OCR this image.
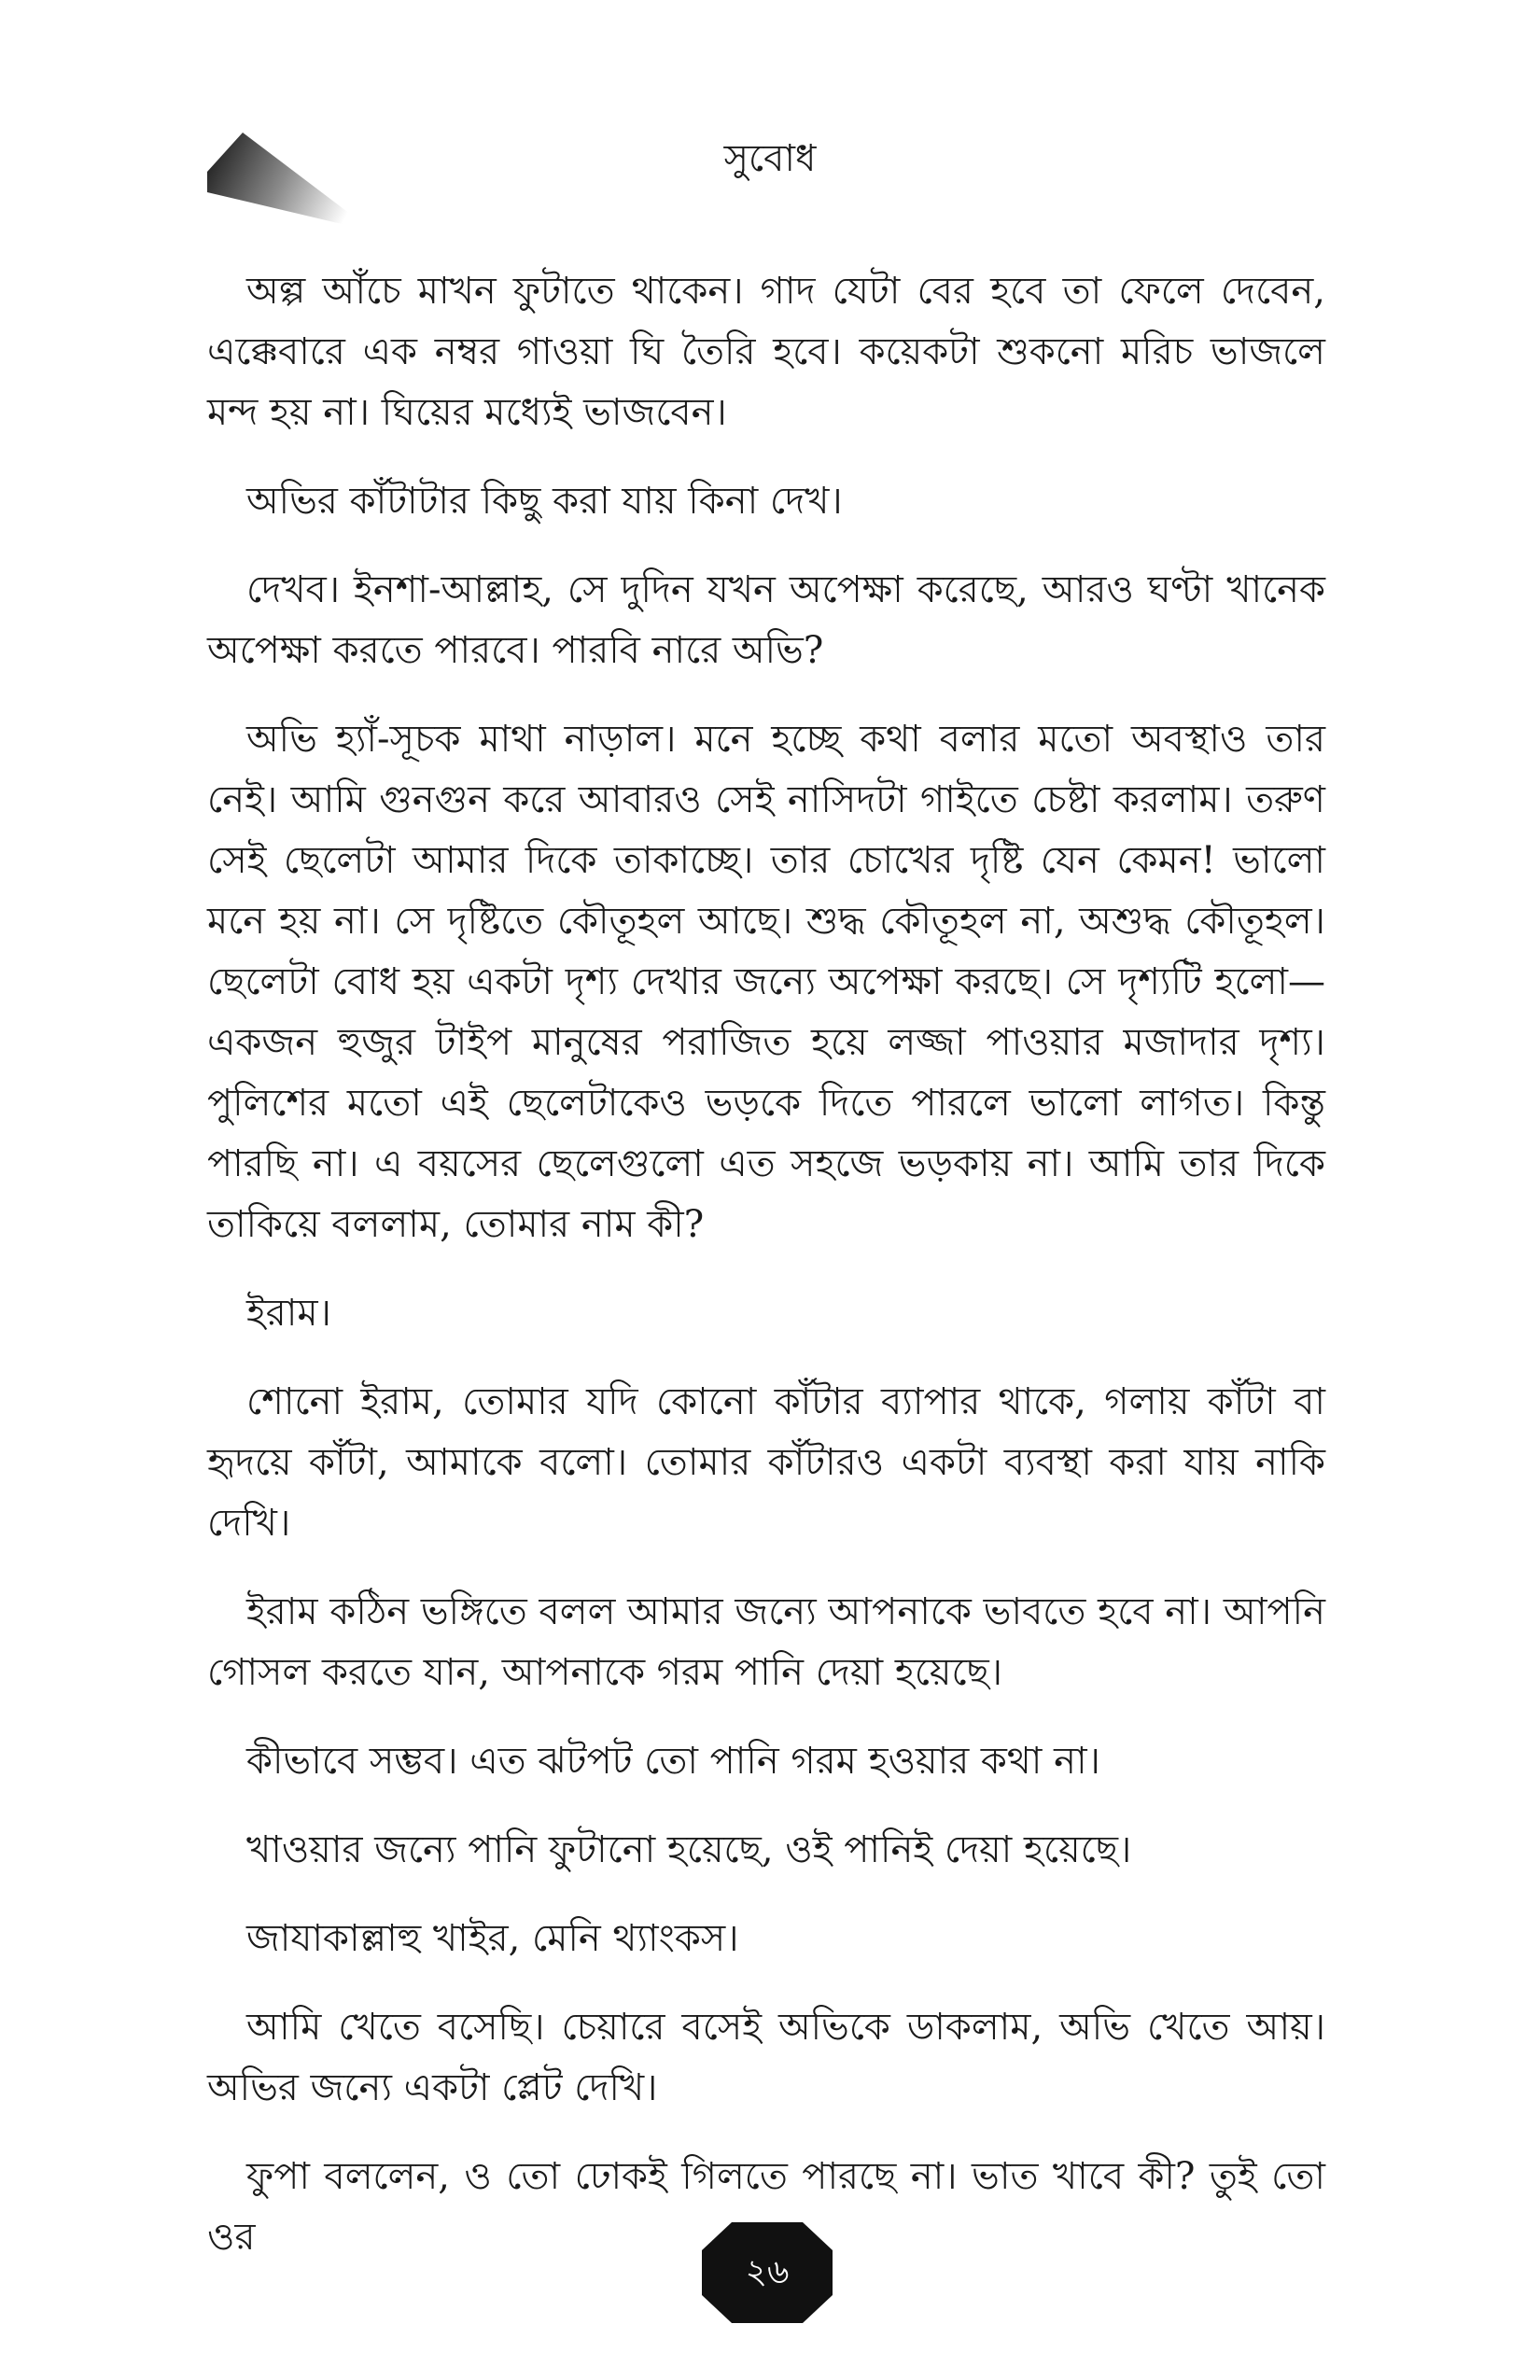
সুবোধ

অল্প আঁচে মাখন ফুটাতে থাকেন। গাদ যেটা বের হবে তা ফেলে দেবেন, এক্কেবারে এক নম্বর গাওয়া ঘি তৈরি হবে। কয়েকটা শুকনো মরিচ ভাজলে মন্দ হয় না। ঘিয়ের মধ্যেই ভাজবেন।

অভির কাঁটাটার কিছু করা যায় কিনা দেখ।

দেখব। ইনশা-আল্লাহ, সে দুদিন যখন অপেক্ষা করেছে, আরও ঘণ্টা খানেক অপেক্ষা করতে পারবে। পারবি নারে অভি?

অভি হ্যাঁ-সূচক মাথা নাড়াল। মনে হচ্ছে কথা বলার মতো অবস্থাও তার নেই। আমি গুনগুন করে আবারও সেই নাসিদটা গাইতে চেষ্টা করলাম। তরুণ সেই ছেলেটা আমার দিকে তাকাচ্ছে। তার চোখের দৃষ্টি যেন কেমন! ভালো মনে হয় না। সে দৃষ্টিতে কৌতূহল আছে। শুদ্ধ কৌতূহল না, অশুদ্ধ কৌতূহল। ছেলেটা বোধ হয় একটা দৃশ্য দেখার জন্যে অপেক্ষা করছে। সে দৃশ্যটি হলো— একজন হুজুর টাইপ মানুষের পরাজিত হয়ে লজ্জা পাওয়ার মজাদার দৃশ্য। পুলিশের মতো এই ছেলেটাকেও ভড়কে দিতে পারলে ভালো লাগত। কিন্তু পারছি না। এ বয়সের ছেলেগুলো এত সহজে ভড়কায় না। আমি তার দিকে তাকিয়ে বললাম, তোমার নাম কী?

ইরাম।

শোনো ইরাম, তোমার যদি কোনো কাঁটার ব্যাপার থাকে, গলায় কাঁটা বা হৃদয়ে কাঁটা, আমাকে বলো। তোমার কাঁটারও একটা ব্যবস্থা করা যায় নাকি দেখি।

ইরাম কঠিন ভঙ্গিতে বলল আমার জন্যে আপনাকে ভাবতে হবে না। আপনি গোসল করতে যান, আপনাকে গরম পানি দেয়া হয়েছে।

কীভাবে সম্ভব। এত ঝটপট তো পানি গরম হওয়ার কথা না।

খাওয়ার জন্যে পানি ফুটানো হয়েছে, ওই পানিই দেয়া হয়েছে।

জাযাকাল্লাহু খাইর, মেনি থ্যাংকস।

আমি খেতে বসেছি। চেয়ারে বসেই অভিকে ডাকলাম, অভি খেতে আয়। অভির জন্যে একটা প্লেট দেখি।

ফুপা বললেন, ও তো ঢোকই গিলতে পারছে না। ভাত খাবে কী? তুই তো ওর

২৬
